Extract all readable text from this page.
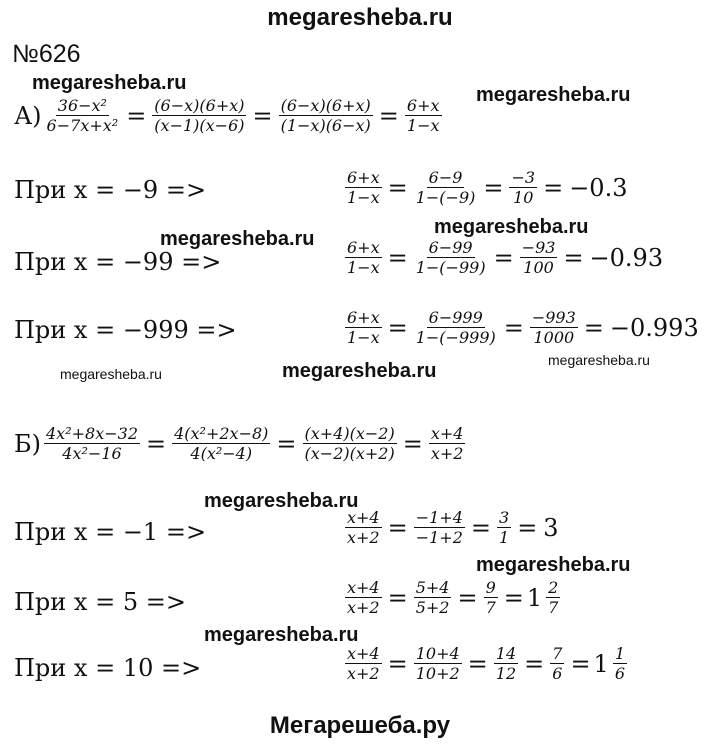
megaresheba.ru
№626
megaresheba.ru
megaresheba.ru
megaresheba.ru
megaresheba.ru
megaresheba.ru	megaresheba.ru	megaresheba.ru
megaresheba.ru
megaresheba.ru
megaresheba.ru
$А) \frac{\text{36−x²}}{\text{6−7x+x²}} = \frac{(6-x)(6+x)}{(x-1)(x-6)} = \frac{(6-x)(6+x)}{(1-x)(6-x)} = \frac{6+x}{1-x}$
При x = −9 =>	$\frac{6+x}{1-x} = \frac{6-9}{1-(-9)} = \frac{-3}{10} = -0.3$
При x = −99 =>	$\frac{6+x}{1-x} = \frac{6-99}{1-(-99)} = \frac{-93}{100} = -0.93$
При x = −999 =>	$\frac{6+x}{1-x} = \frac{6-999}{1-(-999)} = \frac{-993}{1000} = -0.993$
$Б) \frac{\text{4x²+8x−32}}{\text{4x²−16}} = \frac{\text{4(x²+2x−8)}}{\text{4(x²−4)}} = \frac{(x+4)(x-2)}{(x-2)(x+2)} = \frac{x+4}{x+2}$
При x = −1 =>	$\frac{x+4}{x+2} = \frac{-1+4}{-1+2} = \frac{3}{1} = 3$
При x = 5 =>	$\frac{x+4}{x+2} = \frac{5+4}{5+2} = \frac{9}{7} = 1 \frac{2}{7}$
При x = 10 =>	$\frac{x+4}{x+2} = \frac{10+4}{10+2} = \frac{14}{12} = \frac{7}{6} = 1 \frac{1}{6}$
Мегарешеба.ру
